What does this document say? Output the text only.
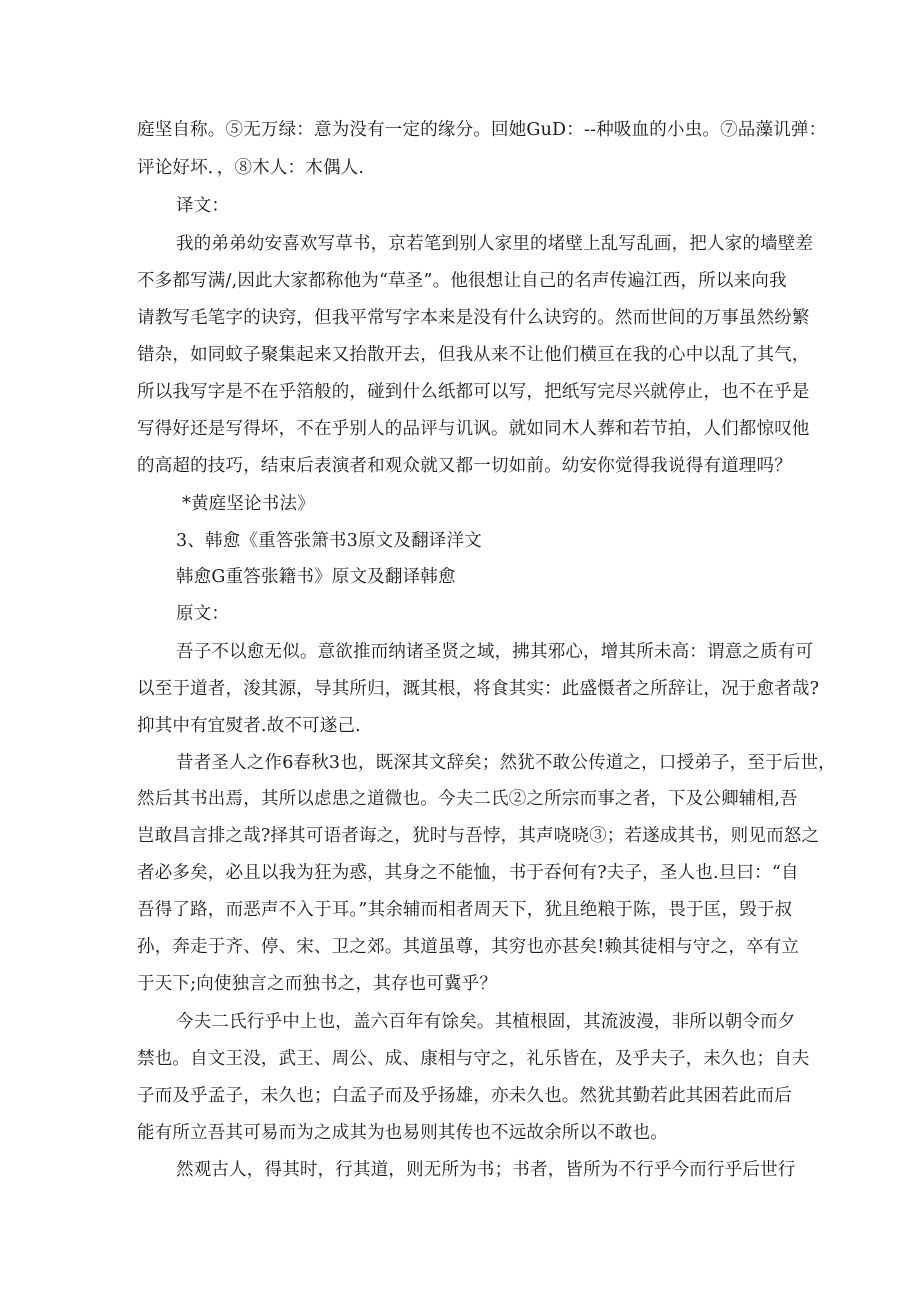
庭坚自称。⑤无万绿：意为没有一定的缘分。回她GuD：--种吸血的小虫。⑦品藻讥弹：
评论好坏．，⑧木人：木偶人.
译文：
我的弟弟幼安喜欢写草书，京若笔到别人家里的堵壁上乱写乱画，把人家的墙壁差
不多都写满/,因此大家都称他为“草圣”。他很想让自己的名声传遍江西，所以来向我
请教写毛笔字的诀窍，但我平常写字本来是没有什么诀窍的。然而世间的万事虽然纷繁
错杂，如同蚊子聚集起来又抬散开去，但我从来不让他们横亘在我的心中以乱了其气，
所以我写字是不在乎箔般的，碰到什么纸都可以写，把纸写完尽兴就停止，也不在乎是
写得好还是写得坏，不在乎别人的品评与讥讽。就如同木人葬和若节拍，人们都惊叹他
的高超的技巧，结束后表演者和观众就又都一切如前。幼安你觉得我说得有道理吗？
*黄庭坚论书法》
3、韩愈《重答张箫书3原文及翻译洋文
韩愈G重答张籍书》原文及翻译韩愈
原文：
吾子不以愈无似。意欲推而纳诸圣贤之域，拂其邪心，增其所未高：谓意之质有可
以至于道者，浚其源，导其所归，溉其根，将食其实：此盛慑者之所辞让，况于愈者哉?
抑其中有宜熨者.故不可遂己.
昔者圣人之作6春秋3也，既深其文辞矣；然犹不敢公传道之，口授弟子，至于后世，
然后其书出焉，其所以虑患之道微也。今夫二氏②之所宗而事之者，下及公卿辅相,吾
岂敢昌言排之哉?择其可语者诲之，犹时与吾悖，其声哓哓③；若遂成其书，则见而怒之
者必多矣，必且以我为狂为惑，其身之不能恤，书于吞何有?夫子，圣人也.旦曰：“自
吾得了路，而恶声不入于耳。”其余辅而相者周天下，犹且绝粮于陈，畏于匡，毁于叔
孙，奔走于齐、停、宋、卫之郊。其道虽尊，其穷也亦甚矣!赖其徒相与守之，卒有立
于天下;向使独言之而独书之，其存也可冀乎？
今夫二氏行乎中上也，盖六百年有馀矣。其植根固，其流波漫，非所以朝令而夕
禁也。自文王没，武王、周公、成、康相与守之，礼乐皆在，及乎夫子，未久也；自夫
子而及乎孟子，未久也；白孟子而及乎扬雄，亦未久也。然犹其勤若此其困若此而后
能有所立吾其可易而为之成其为也易则其传也不远故余所以不敢也。
然观古人，得其时，行其道，则无所为书；书者，皆所为不行乎今而行乎后世行
